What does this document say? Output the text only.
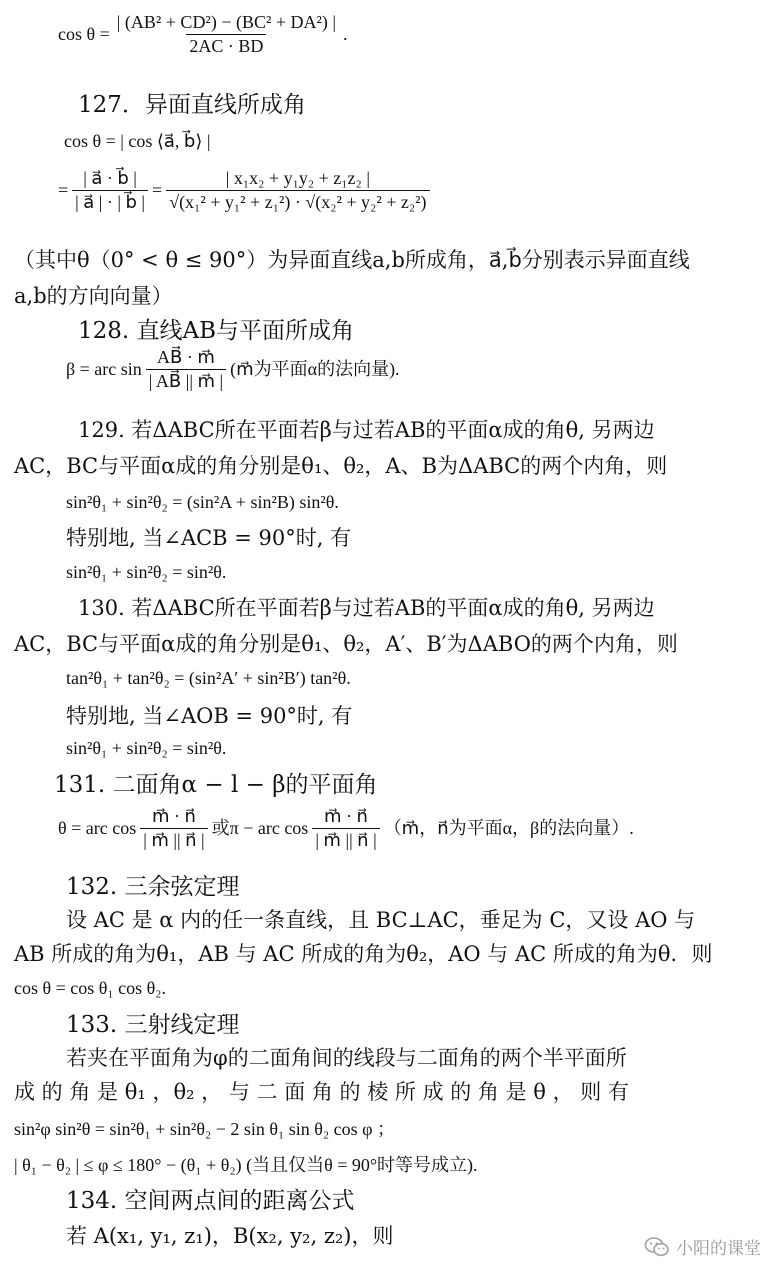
$\cos \theta = \frac{\text{| (AB² + CD²) − (BC² + DA²) |}}{2AC \cdot BD}$ .
127．异面直线所成角
cos θ = | cos ⟨a⃗, b⃗⟩ |
= $\frac{| a⃗ \cdot b⃗ |}{| a⃗ | \cdot | b⃗ |} = \frac{\text{| x₁x₂ + y₁y₂ + z₁z₂ |}}{\text{√(x₁² + y₁² + z₁²) · √(x₂² + y₂² + z₂²)}}$
（其中θ（0° < θ ≤ 90°）为异面直线a,b所成角，a⃗,b⃗分别表示异面直线
a,b的方向向量）
128. 直线AB与平面所成角
β = arc $\sin \frac{AB⃗ \cdot m⃗}{| AB⃗ || m⃗ |}$ (m⃗为平面α的法向量).
129. 若ΔABC所在平面若β与过若AB的平面α成的角θ, 另两边
AC，BC与平面α成的角分别是θ₁、θ₂，A、B为ΔABC的两个内角，则
sin²θ₁ + sin²θ₂ = (sin²A + sin²B) sin²θ.
特别地, 当∠ACB = 90°时, 有
sin²θ₁ + sin²θ₂ = sin²θ.
130. 若ΔABC所在平面若β与过若AB的平面α成的角θ, 另两边
AC，BC与平面α成的角分别是θ₁、θ₂，A′、B′为ΔABO的两个内角，则
tan²θ₁ + tan²θ₂ = (sin²A′ + sin²B′) tan²θ.
特别地, 当∠AOB = 90°时, 有
sin²θ₁ + sin²θ₂ = sin²θ.
131. 二面角α − l − β的平面角
θ = arc $\cos \frac{m⃗ \cdot n⃗}{| m⃗ || n⃗ |}$ 或π − arc $\cos \frac{m⃗ \cdot n⃗}{| m⃗ || n⃗ |}$ （m⃗，n⃗为平面α，β的法向量）.
132. 三余弦定理
设 AC 是 α 内的任一条直线，且 BC⊥AC，垂足为 C，又设 AO 与
AB 所成的角为θ₁，AB 与 AC 所成的角为θ₂，AO 与 AC 所成的角为θ．则
cos θ = cos θ₁ cos θ₂.
133. 三射线定理
若夹在平面角为φ的二面角间的线段与二面角的两个半平面所
成 的 角 是 θ₁ ，θ₂ ， 与 二 面 角 的 棱 所 成 的 角 是 θ ， 则 有
sin²φ sin²θ = sin²θ₁ + sin²θ₂ − 2 sin θ₁ sin θ₂ cos φ ；
| θ₁ − θ₂ | ≤ φ ≤ 180° − (θ₁ + θ₂) (当且仅当θ = 90°时等号成立).
134. 空间两点间的距离公式
若 A(x₁, y₁, z₁)，B(x₂, y₂, z₂)，则
小阳的课堂
